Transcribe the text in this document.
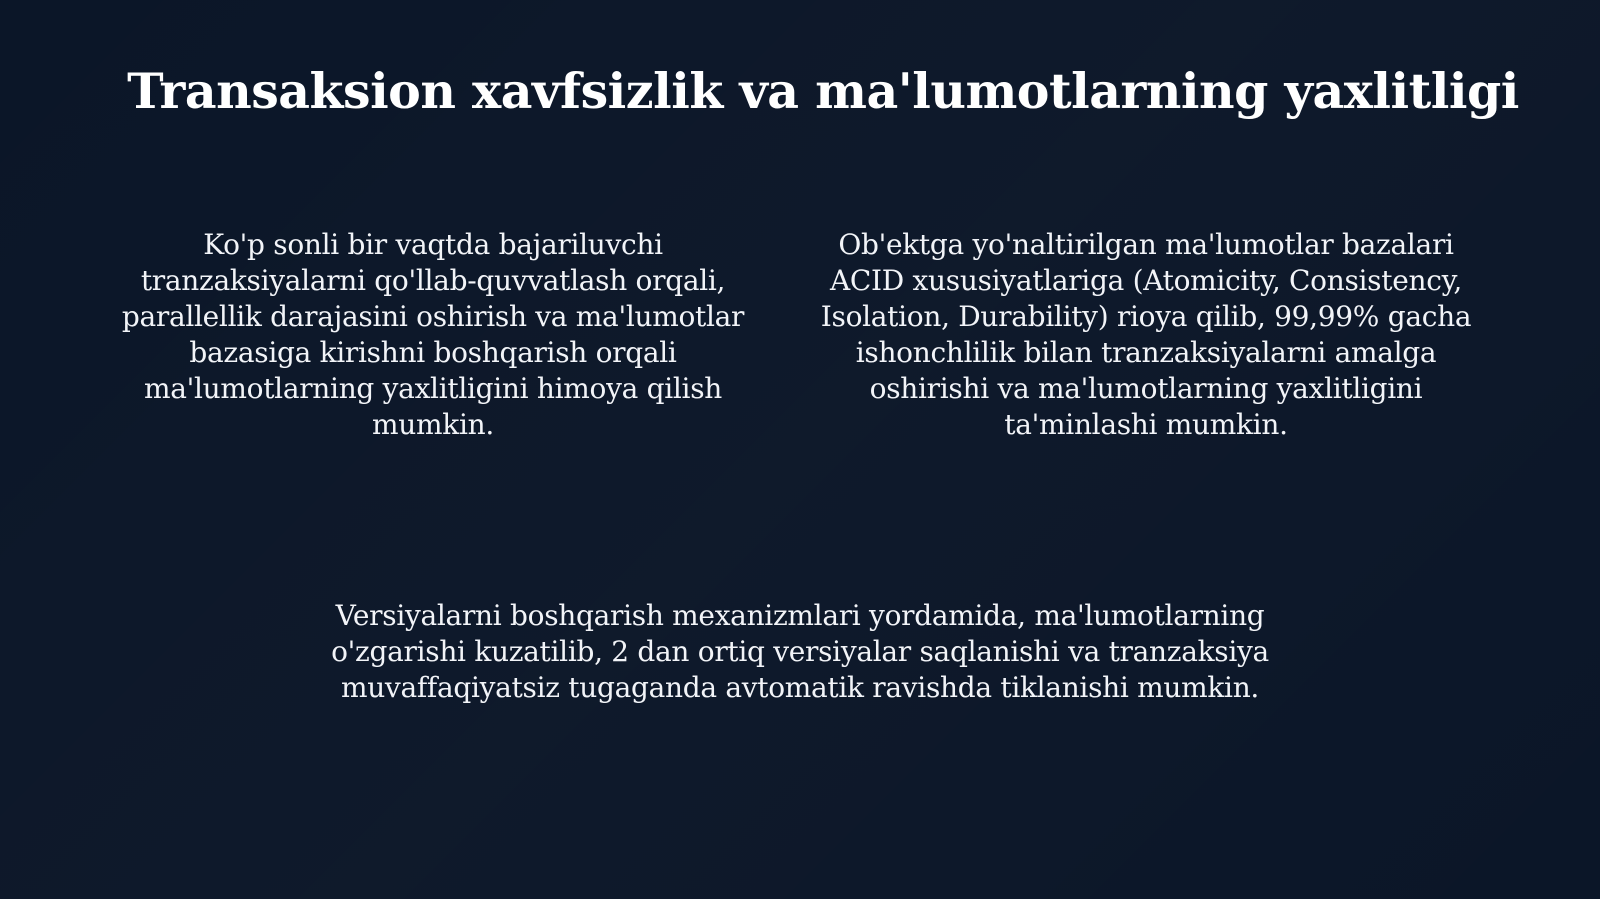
Transaksion xavfsizlik va ma'lumotlarning yaxlitligi
Ko'p sonli bir vaqtda bajariluvchi tranzaksiyalarni qo'llab-quvvatlash orqali, parallellik darajasini oshirish va ma'lumotlar bazasiga kirishni boshqarish orqali ma'lumotlarning yaxlitligini himoya qilish mumkin.
Ob'ektga yo'naltirilgan ma'lumotlar bazalari ACID xususiyatlariga (Atomicity, Consistency, Isolation, Durability) rioya qilib, 99,99% gacha ishonchlilik bilan tranzaksiyalarni amalga oshirishi va ma'lumotlarning yaxlitligini ta'minlashi mumkin.
Versiyalarni boshqarish mexanizmlari yordamida, ma'lumotlarning o'zgarishi kuzatilib, 2 dan ortiq versiyalar saqlanishi va tranzaksiya muvaffaqiyatsiz tugaganda avtomatik ravishda tiklanishi mumkin.
